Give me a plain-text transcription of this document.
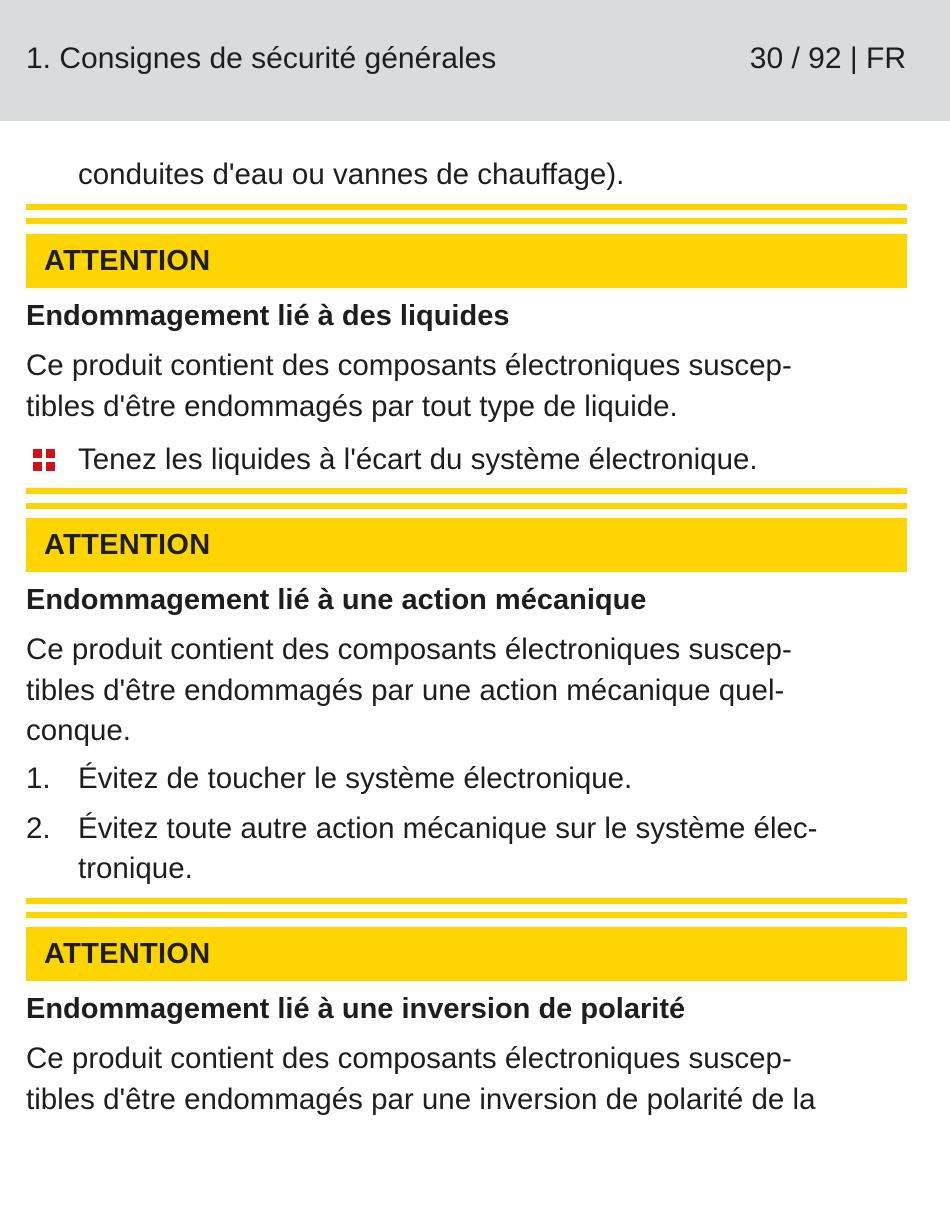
1. Consignes de sécurité générales	30 / 92 | FR
conduites d'eau ou vannes de chauffage).
ATTENTION
Endommagement lié à des liquides
Ce produit contient des composants électroniques suscep-
tibles d'être endommagés par tout type de liquide.
Tenez les liquides à l'écart du système électronique.
ATTENTION
Endommagement lié à une action mécanique
Ce produit contient des composants électroniques suscep-
tibles d'être endommagés par une action mécanique quel-
conque.
1. Évitez de toucher le système électronique.
2. Évitez toute autre action mécanique sur le système élec-
tronique.
ATTENTION
Endommagement lié à une inversion de polarité
Ce produit contient des composants électroniques suscep-
tibles d'être endommagés par une inversion de polarité de la
